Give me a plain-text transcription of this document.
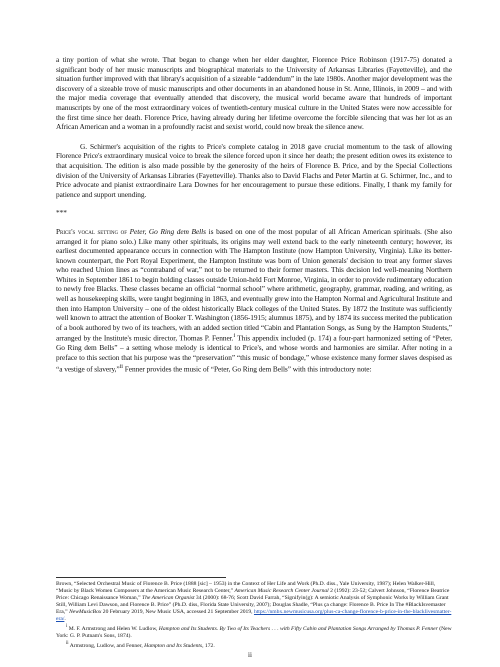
a tiny portion of what she wrote. That began to change when her elder daughter, Florence Price Robinson (1917-75) donated a significant body of her music manuscripts and biographical materials to the University of Arkansas Libraries (Fayetteville), and the situation further improved with that library's acquisition of a sizeable “addendum” in the late 1980s. Another major development was the discovery of a sizeable trove of music manuscripts and other documents in an abandoned house in St. Anne, Illinois, in 2009 – and with the major media coverage that eventually attended that discovery, the musical world became aware that hundreds of important manuscripts by one of the most extraordinary voices of twentieth-century musical culture in the United States were now accessible for the first time since her death. Florence Price, having already during her lifetime overcome the forcible silencing that was her lot as an African American and a woman in a profoundly racist and sexist world, could now break the silence anew.

G. Schirmer's acquisition of the rights to Price's complete catalog in 2018 gave crucial momentum to the task of allowing Florence Price's extraordinary musical voice to break the silence forced upon it since her death; the present edition owes its existence to that acquisition. The edition is also made possible by the generosity of the heirs of Florence B. Price, and by the Special Collections division of the University of Arkansas Libraries (Fayetteville). Thanks also to David Flachs and Peter Martin at G. Schirmer, Inc., and to Price advocate and pianist extraordinaire Lara Downes for her encouragement to pursue these editions. Finally, I thank my family for patience and support unending.

***

Price's vocal setting of Peter, Go Ring dem Bells is based on one of the most popular of all African American spirituals. (She also arranged it for piano solo.) Like many other spirituals, its origins may well extend back to the early nineteenth century; however, its earliest documented appearance occurs in connection with The Hampton Institute (now Hampton University, Virginia). Like its better-known counterpart, the Port Royal Experiment, the Hampton Institute was born of Union generals' decision to treat any former slaves who reached Union lines as “contraband of war,” not to be returned to their former masters. This decision led well-meaning Northern Whites in September 1861 to begin holding classes outside Union-held Fort Monroe, Virginia, in order to provide rudimentary education to newly free Blacks. These classes became an official “normal school” where arithmetic, geography, grammar, reading, and writing, as well as housekeeping skills, were taught beginning in 1863, and eventually grew into the Hampton Normal and Agricultural Institute and then into Hampton University – one of the oldest historically Black colleges of the United States. By 1872 the Institute was sufficiently well known to attract the attention of Booker T. Washington (1856-1915; alumnus 1875), and by 1874 its success merited the publication of a book authored by two of its teachers, with an added section titled “Cabin and Plantation Songs, as Sung by the Hampton Students,” arranged by the Institute's music director, Thomas P. Fenner.$^i$ This appendix included (p. 174) a four-part harmonized setting of “Peter, Go Ring dem Bells” – a setting whose melody is identical to Price's, and whose words and harmonies are similar. After noting in a preface to this section that his purpose was the “preservation” “this music of bondage,” whose existence many former slaves despised as “a vestige of slavery,”$^{ii}$ Fenner provides the music of “Peter, Go Ring dem Bells” with this introductory note:

Brown, “Selected Orchestral Music of Florence B. Price (1888 [sic] – 1953) in the Context of Her Life and Work (Ph.D. diss., Yale University, 1987); Helen Walker-Hill, “Music by Black Women Composers at the American Music Research Center,” American Music Research Center Journal 2 (1992): 23-52; Calvert Johnson, “Florence Beatrice Price: Chicago Renaissance Woman,” The American Organist 34 (2000): 68-76; Scott David Farrah, “Signifyin(g): A semiotic Analysis of Symphonic Works by William Grant Still, William Levi Dawson, and Florence B. Price” (Ph.D. diss, Florida State University, 2007); Douglas Shadle, “Plus ça change: Florence B. Price In The #BlackIsvemaster Era,” NewMusicBox 20 February 2019, New Music USA, accessed 21 September 2019, https://nmbx.newmusicusa.org/plus-ca-change-florence-b-price-in-the-blacklivesmatter-era/.

$^i$ M. F. Armstrong and Helen W. Ludlow, Hampton and Its Students. By Two of Its Teachers . . . with Fifty Cabin and Plantation Songs Arranged by Thomas P. Fenner (New York: G. P. Putnam's Sons, 1874).

$^{ii}$ Armstrong, Ludlow, and Fenner, Hampton and Its Students, 172.

ii
